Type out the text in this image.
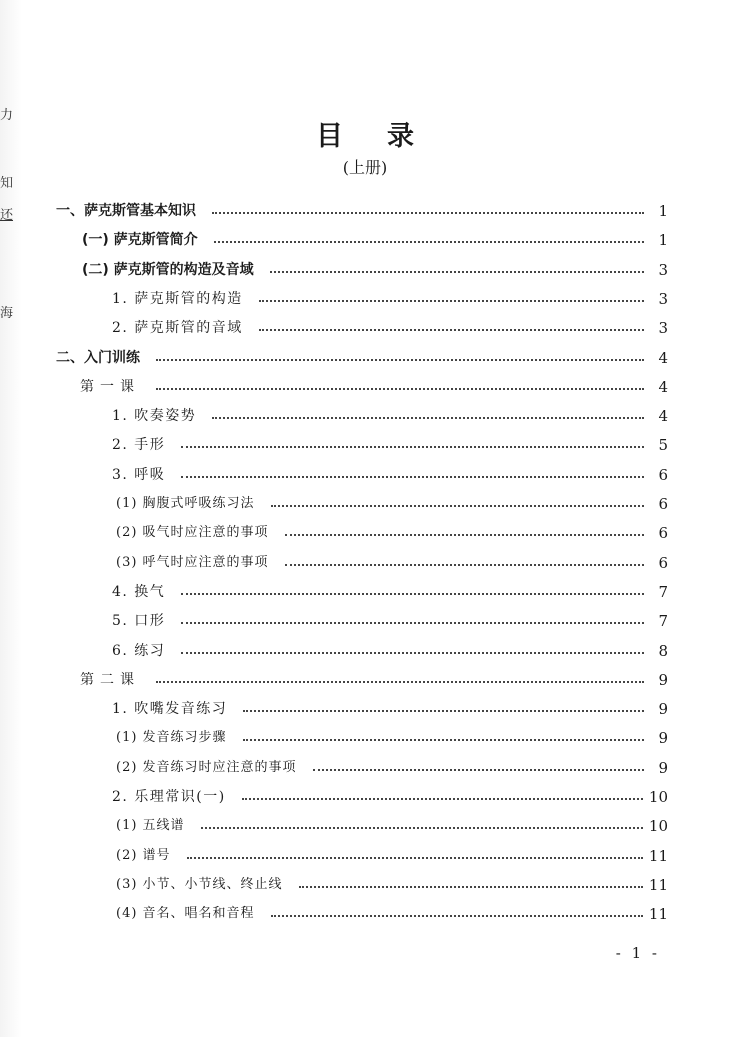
力
知
还
海
目录
(上册)
一、萨克斯管基本知识	1
(一) 萨克斯管简介	1
(二) 萨克斯管的构造及音域	3
1. 萨克斯管的构造	3
2. 萨克斯管的音域	3
二、入门训练	4
第一课	4
1. 吹奏姿势	4
2. 手形	5
3. 呼吸	6
(1) 胸腹式呼吸练习法	6
(2) 吸气时应注意的事项	6
(3) 呼气时应注意的事项	6
4. 换气	7
5. 口形	7
6. 练习	8
第二课	9
1. 吹嘴发音练习	9
(1) 发音练习步骤	9
(2) 发音练习时应注意的事项	9
2. 乐理常识(一)	10
(1) 五线谱	10
(2) 谱号	11
(3) 小节、小节线、终止线	11
(4) 音名、唱名和音程	11
- 1 -
